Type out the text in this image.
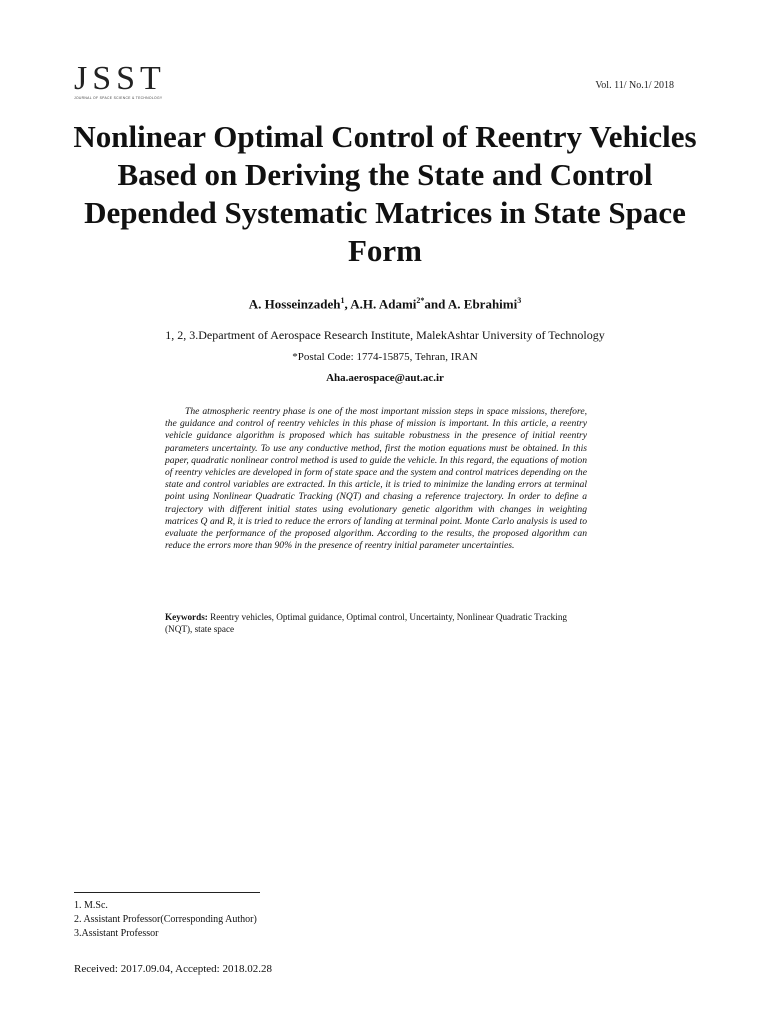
JSST
JOURNAL OF SPACE SCIENCE & TECHNOLOGY
Vol. 11/ No.1/ 2018
Nonlinear Optimal Control of Reentry Vehicles Based on Deriving the State and Control Depended Systematic Matrices in State Space Form
A. Hosseinzadeh$^1$, A.H. Adami$^{2*}$and A. Ebrahimi$^3$
1, 2, 3.Department of Aerospace Research Institute, MalekAshtar University of Technology
*Postal Code: 1774-15875, Tehran, IRAN
Aha.aerospace@aut.ac.ir

The atmospheric reentry phase is one of the most important mission steps in space missions, therefore, the guidance and control of reentry vehicles in this phase of mission is important. In this article, a reentry vehicle guidance algorithm is proposed which has suitable robustness in the presence of initial reentry parameters uncertainty. To use any conductive method, first the motion equations must be obtained. In this paper, quadratic nonlinear control method is used to guide the vehicle. In this regard, the equations of motion of reentry vehicles are developed in form of state space and the system and control matrices depending on the state and control variables are extracted. In this article, it is tried to minimize the landing errors at terminal point using Nonlinear Quadratic Tracking (NQT) and chasing a reference trajectory. In order to define a trajectory with different initial states using evolutionary genetic algorithm with changes in weighting matrices Q and R, it is tried to reduce the errors of landing at terminal point. Monte Carlo analysis is used to evaluate the performance of the proposed algorithm. According to the results, the proposed algorithm can reduce the errors more than 90% in the presence of reentry initial parameter uncertainties.

Keywords: Reentry vehicles, Optimal guidance, Optimal control, Uncertainty, Nonlinear Quadratic Tracking (NQT), state space

1. M.Sc.
2. Assistant Professor(Corresponding Author)
3.Assistant Professor
Received: 2017.09.04, Accepted: 2018.02.28
